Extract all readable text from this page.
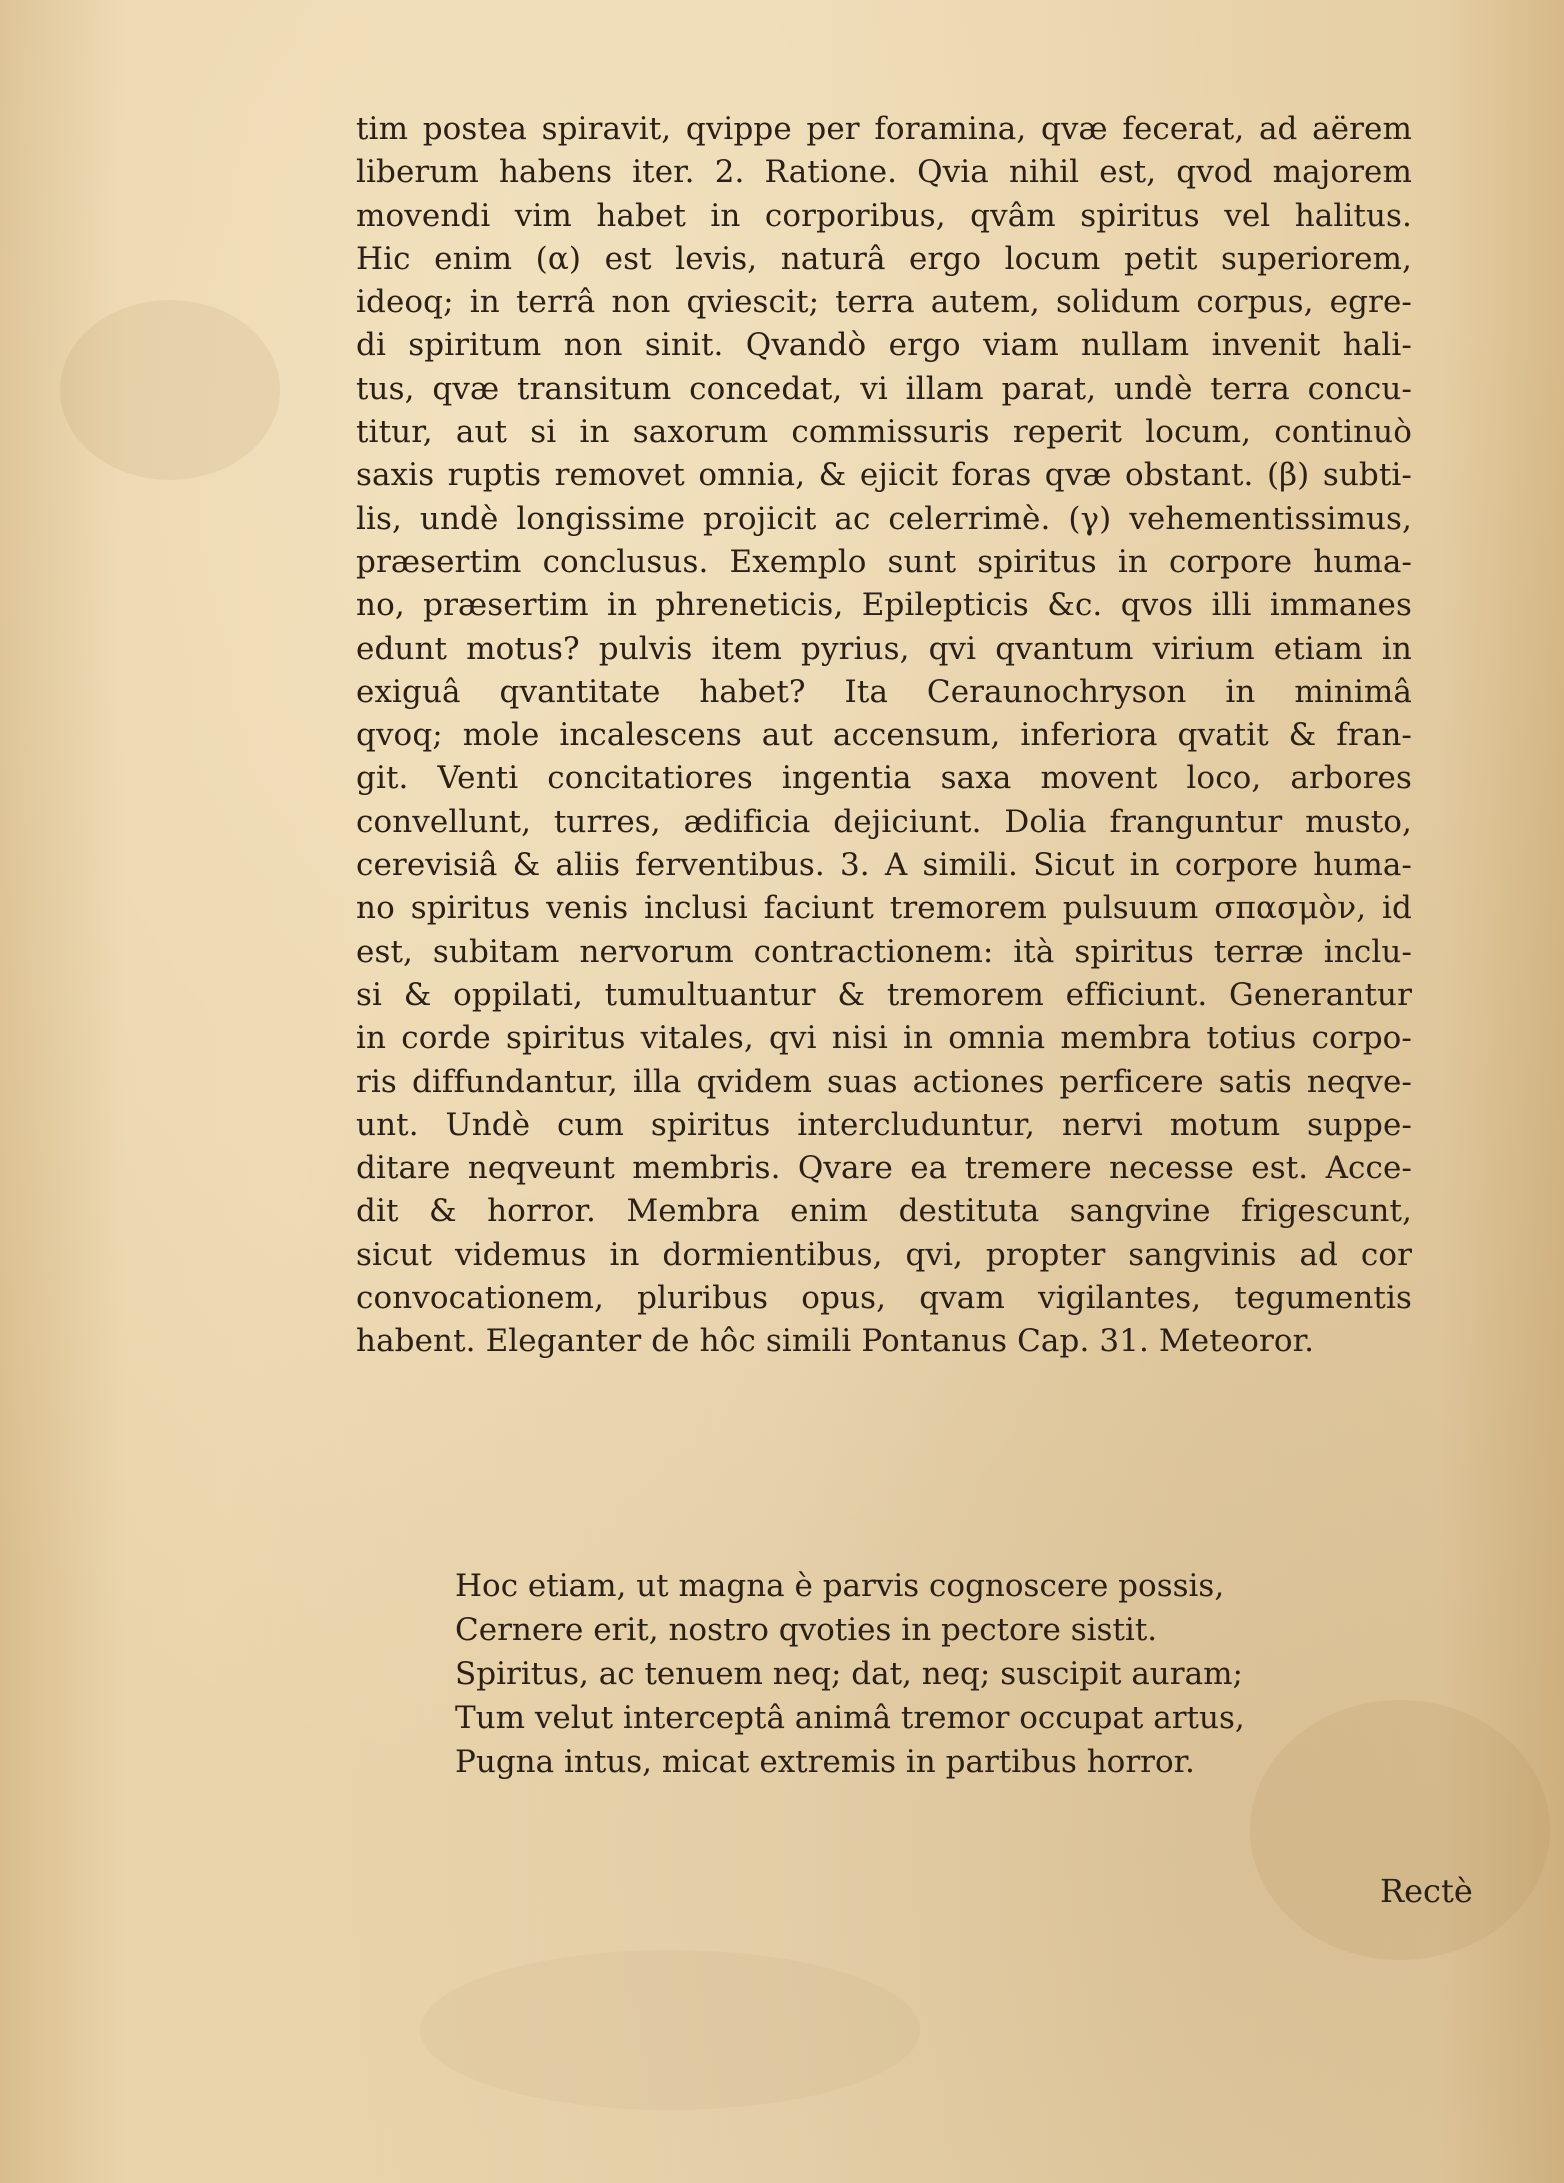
tim postea spiravit, qvippe per foramina, qvæ fecerat, ad aërem
liberum habens iter. 2. Ratione. Qvia nihil est, qvod majorem
movendi vim habet in corporibus, qvâm spiritus vel halitus.
Hic enim (α) est levis, naturâ ergo locum petit superiorem,
ideoq; in terrâ non qviescit; terra autem, solidum corpus, egre-
di spiritum non sinit. Qvandò ergo viam nullam invenit hali-
tus, qvæ transitum concedat, vi illam parat, undè terra concu-
titur, aut si in saxorum commissuris reperit locum, continuò
saxis ruptis removet omnia, & ejicit foras qvæ obstant. (β) subti-
lis, undè longissime projicit ac celerrimè. (γ) vehementissimus,
præsertim conclusus. Exemplo sunt spiritus in corpore huma-
no, præsertim in phreneticis, Epilepticis &c. qvos illi immanes
edunt motus? pulvis item pyrius, qvi qvantum virium etiam in
exiguâ qvantitate habet? Ita Ceraunochryson in minimâ
qvoq; mole incalescens aut accensum, inferiora qvatit & fran-
git. Venti concitatiores ingentia saxa movent loco, arbores
convellunt, turres, ædificia dejiciunt. Dolia franguntur musto,
cerevisiâ & aliis ferventibus. 3. A simili. Sicut in corpore huma-
no spiritus venis inclusi faciunt tremorem pulsuum σπασμὸν, id
est, subitam nervorum contractionem: ità spiritus terræ inclu-
si & oppilati, tumultuantur & tremorem efficiunt. Generantur
in corde spiritus vitales, qvi nisi in omnia membra totius corpo-
ris diffundantur, illa qvidem suas actiones perficere satis neqve-
unt. Undè cum spiritus intercluduntur, nervi motum suppe-
ditare neqveunt membris. Qvare ea tremere necesse est. Acce-
dit & horror. Membra enim destituta sangvine frigescunt,
sicut videmus in dormientibus, qvi, propter sangvinis ad cor
convocationem, pluribus opus, qvam vigilantes, tegumentis
habent. Eleganter de hôc simili Pontanus Cap. 31. Meteoror.
Hoc etiam, ut magna è parvis cognoscere possis,
Cernere erit, nostro qvoties in pectore sistit.
Spiritus, ac tenuem neq; dat, neq; suscipit auram;
Tum velut interceptâ animâ tremor occupat artus,
Pugna intus, micat extremis in partibus horror.
Rectè
